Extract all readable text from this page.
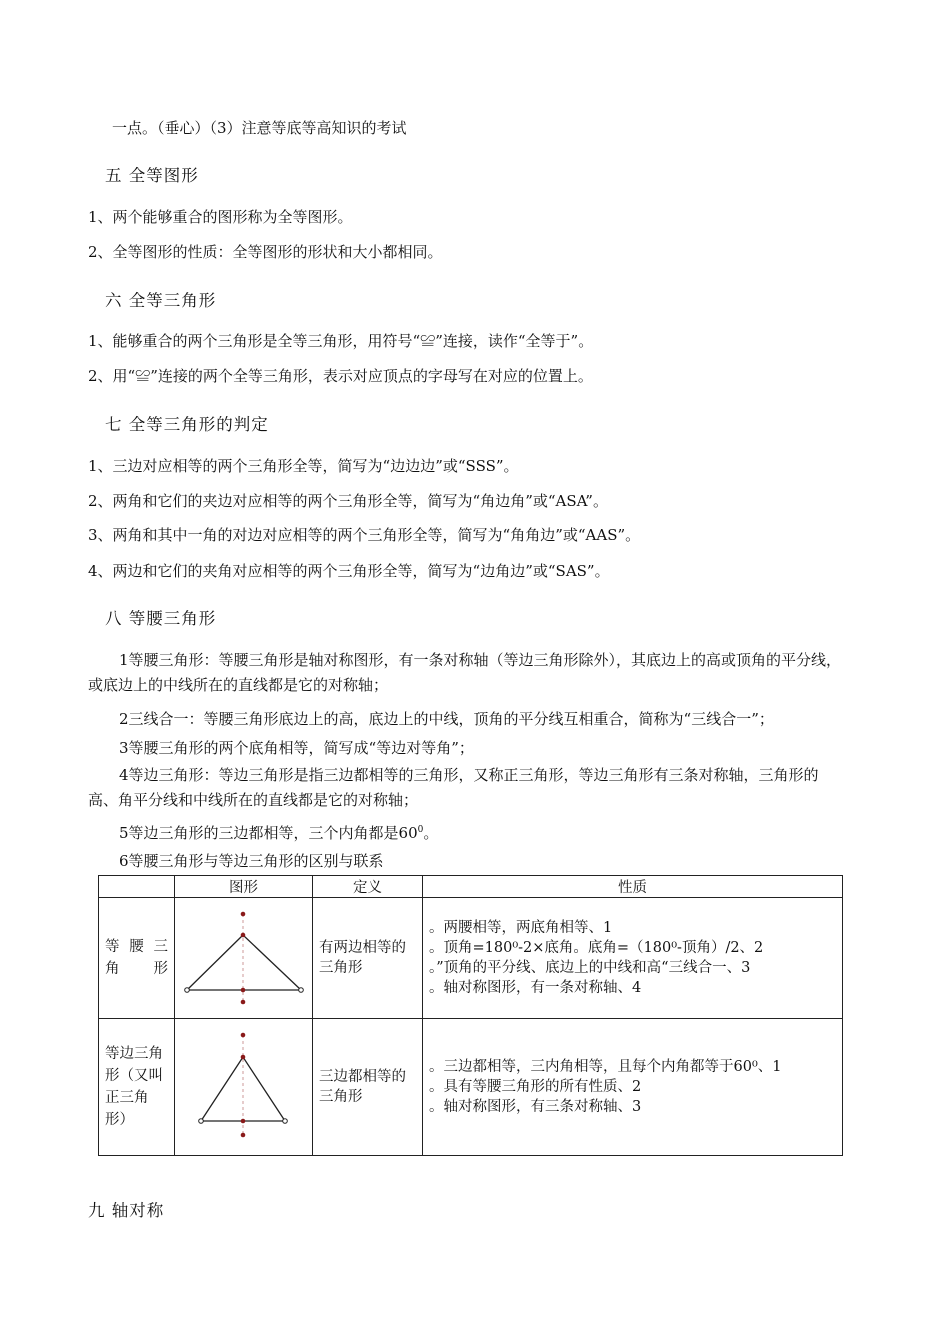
一点。（垂心）（3）注意等底等高知识的考试
五 全等图形
1、两个能够重合的图形称为全等图形。
2、全等图形的性质：全等图形的形状和大小都相同。
六 全等三角形
1、能够重合的两个三角形是全等三角形，用符号“≌”连接，读作“全等于”。
2、用“≌”连接的两个全等三角形，表示对应顶点的字母写在对应的位置上。
七 全等三角形的判定
1、三边对应相等的两个三角形全等，简写为“边边边”或“SSS”。
2、两角和它们的夹边对应相等的两个三角形全等，简写为“角边角”或“ASA”。
3、两角和其中一角的对边对应相等的两个三角形全等，简写为“角角边”或“AAS”。
4、两边和它们的夹角对应相等的两个三角形全等，简写为“边角边”或“SAS”。
八 等腰三角形
1等腰三角形：等腰三角形是轴对称图形，有一条对称轴（等边三角形除外），其底边上的高或顶角的平分线，或底边上的中线所在的直线都是它的对称轴；
2三线合一：等腰三角形底边上的高，底边上的中线，顶角的平分线互相重合，简称为“三线合一”；
3等腰三角形的两个底角相等，简写成“等边对等角”；
4等边三角形：等边三角形是指三边都相等的三角形，又称正三角形，等边三角形有三条对称轴，三角形的高、角平分线和中线所在的直线都是它的对称轴；
5等边三角形的三边都相等，三个内角都是$60^0$。
6等腰三角形与等边三角形的区别与联系
	图形	定义	性质

等 腰 三 角形		有两边相等的三角形	。两腰相等，两底角相等、1
。顶角=180⁰-2×底角。底角=（180⁰-顶角）/2、2
。”顶角的平分线、底边上的中线和高“三线合一、3
。轴对称图形，有一条对称轴、4

等边三角形（又叫正三角形）		三边都相等的三角形	。三边都相等，三内角相等，且每个内角都等于60⁰、1
。具有等腰三角形的所有性质、2
。轴对称图形，有三条对称轴、3
九 轴对称
